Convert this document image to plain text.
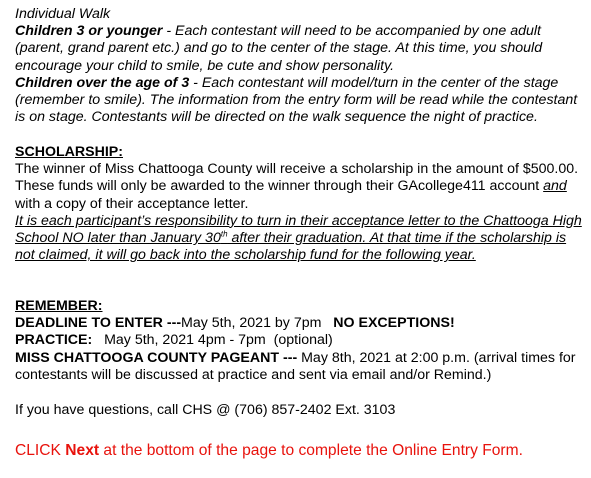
Individual Walk
Children 3 or younger - Each contestant will need to be accompanied by one adult (parent, grand parent etc.) and go to the center of the stage. At this time, you should encourage your child to smile, be cute and show personality.
Children over the age of 3 - Each contestant will model/turn in the center of the stage (remember to smile). The information from the entry form will be read while the contestant is on stage. Contestants will be directed on the walk sequence the night of practice.
SCHOLARSHIP:
The winner of Miss Chattooga County will receive a scholarship in the amount of $500.00. These funds will only be awarded to the winner through their GAcollege411 account and with a copy of their acceptance letter.
It is each participant’s responsibility to turn in their acceptance letter to the Chattooga High School NO later than January 30th after their graduation. At that time if the scholarship is not claimed, it will go back into the scholarship fund for the following year.
REMEMBER:
DEADLINE TO ENTER ---May 5th, 2021 by 7pm   NO EXCEPTIONS!
PRACTICE:   May 5th, 2021 4pm - 7pm  (optional)
MISS CHATTOOGA COUNTY PAGEANT --- May 8th, 2021 at 2:00 p.m. (arrival times for contestants will be discussed at practice and sent via email and/or Remind.)
If you have questions, call CHS @ (706) 857-2402 Ext. 3103
CLICK Next at the bottom of the page to complete the Online Entry Form.
